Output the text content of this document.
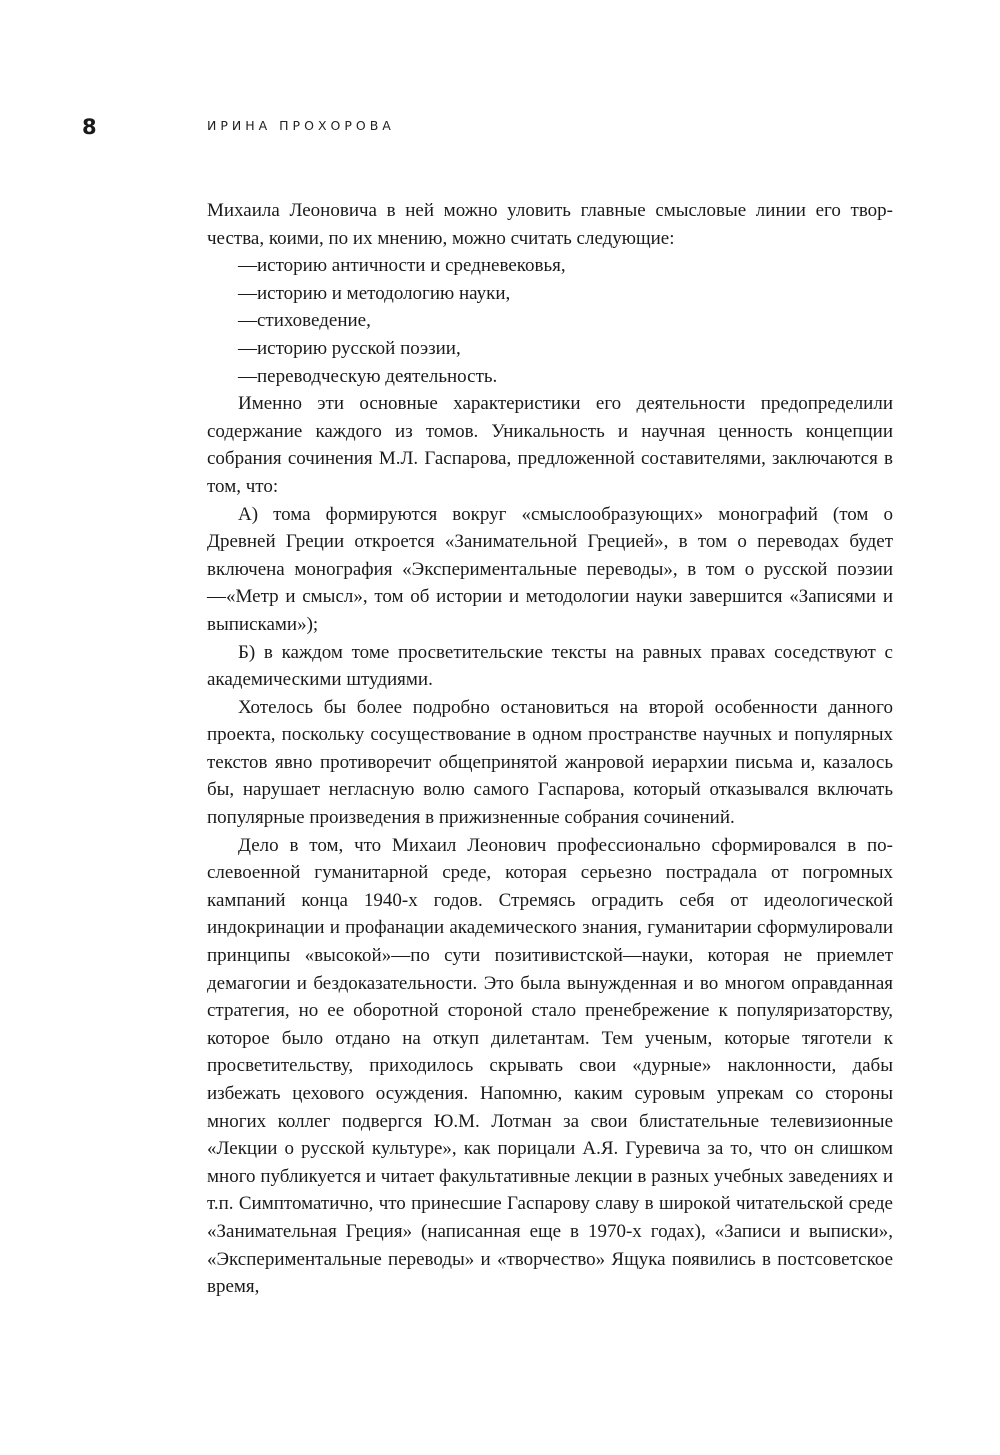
8	ИРИНА ПРОХОРОВА

Михаила Леоновича в ней можно уловить главные смысловые линии его творчества, коими, по их мнению, можно считать следующие:

—историю античности и средневековья,

—историю и методологию науки,

—стиховедение,

—историю русской поэзии,

—переводческую деятельность.

Именно эти основные характеристики его деятельности предопределили содержание каждого из томов. Уникальность и научная ценность концепции собрания сочинения М.Л. Гаспарова, предложенной составителями, заключаются в том, что:

А) тома формируются вокруг «смыслообразующих» монографий (том о Древней Греции откроется «Занимательной Грецией», в том о переводах будет включена монография «Экспериментальные переводы», в том о русской поэзии—«Метр и смысл», том об истории и методологии науки завершится «Записями и выписками»);

Б) в каждом томе просветительские тексты на равных правах соседствуют с академическими штудиями.

Хотелось бы более подробно остановиться на второй особенности данного проекта, поскольку сосуществование в одном пространстве научных и популярных текстов явно противоречит общепринятой жанровой иерархии письма и, казалось бы, нарушает негласную волю самого Гаспарова, который отказывался включать популярные произведения в прижизненные собрания сочинений.

Дело в том, что Михаил Леонович профессионально сформировался в послевоенной гуманитарной среде, которая серьезно пострадала от погромных кампаний конца 1940-х годов. Стремясь оградить себя от идеологической индокринации и профанации академического знания, гуманитарии сформулировали принципы «высокой»—по сути позитивистской—науки, которая не приемлет демагогии и бездоказательности. Это была вынужденная и во многом оправданная стратегия, но ее оборотной стороной стало пренебрежение к популяризаторству, которое было отдано на откуп дилетантам. Тем ученым, которые тяготели к просветительству, приходилось скрывать свои «дурные» наклонности, дабы избежать цехового осуждения. Напомню, каким суровым упрекам со стороны многих коллег подвергся Ю.М. Лотман за свои блистательные телевизионные «Лекции о русской культуре», как порицали А.Я. Гуревича за то, что он слишком много публикуется и читает факультативные лекции в разных учебных заведениях и т.п. Симптоматично, что принесшие Гаспарову славу в широкой читательской среде «Занимательная Греция» (написанная еще в 1970-х годах), «Записи и выписки», «Экспериментальные переводы» и «творчество» Ящука появились в постсоветское время,
